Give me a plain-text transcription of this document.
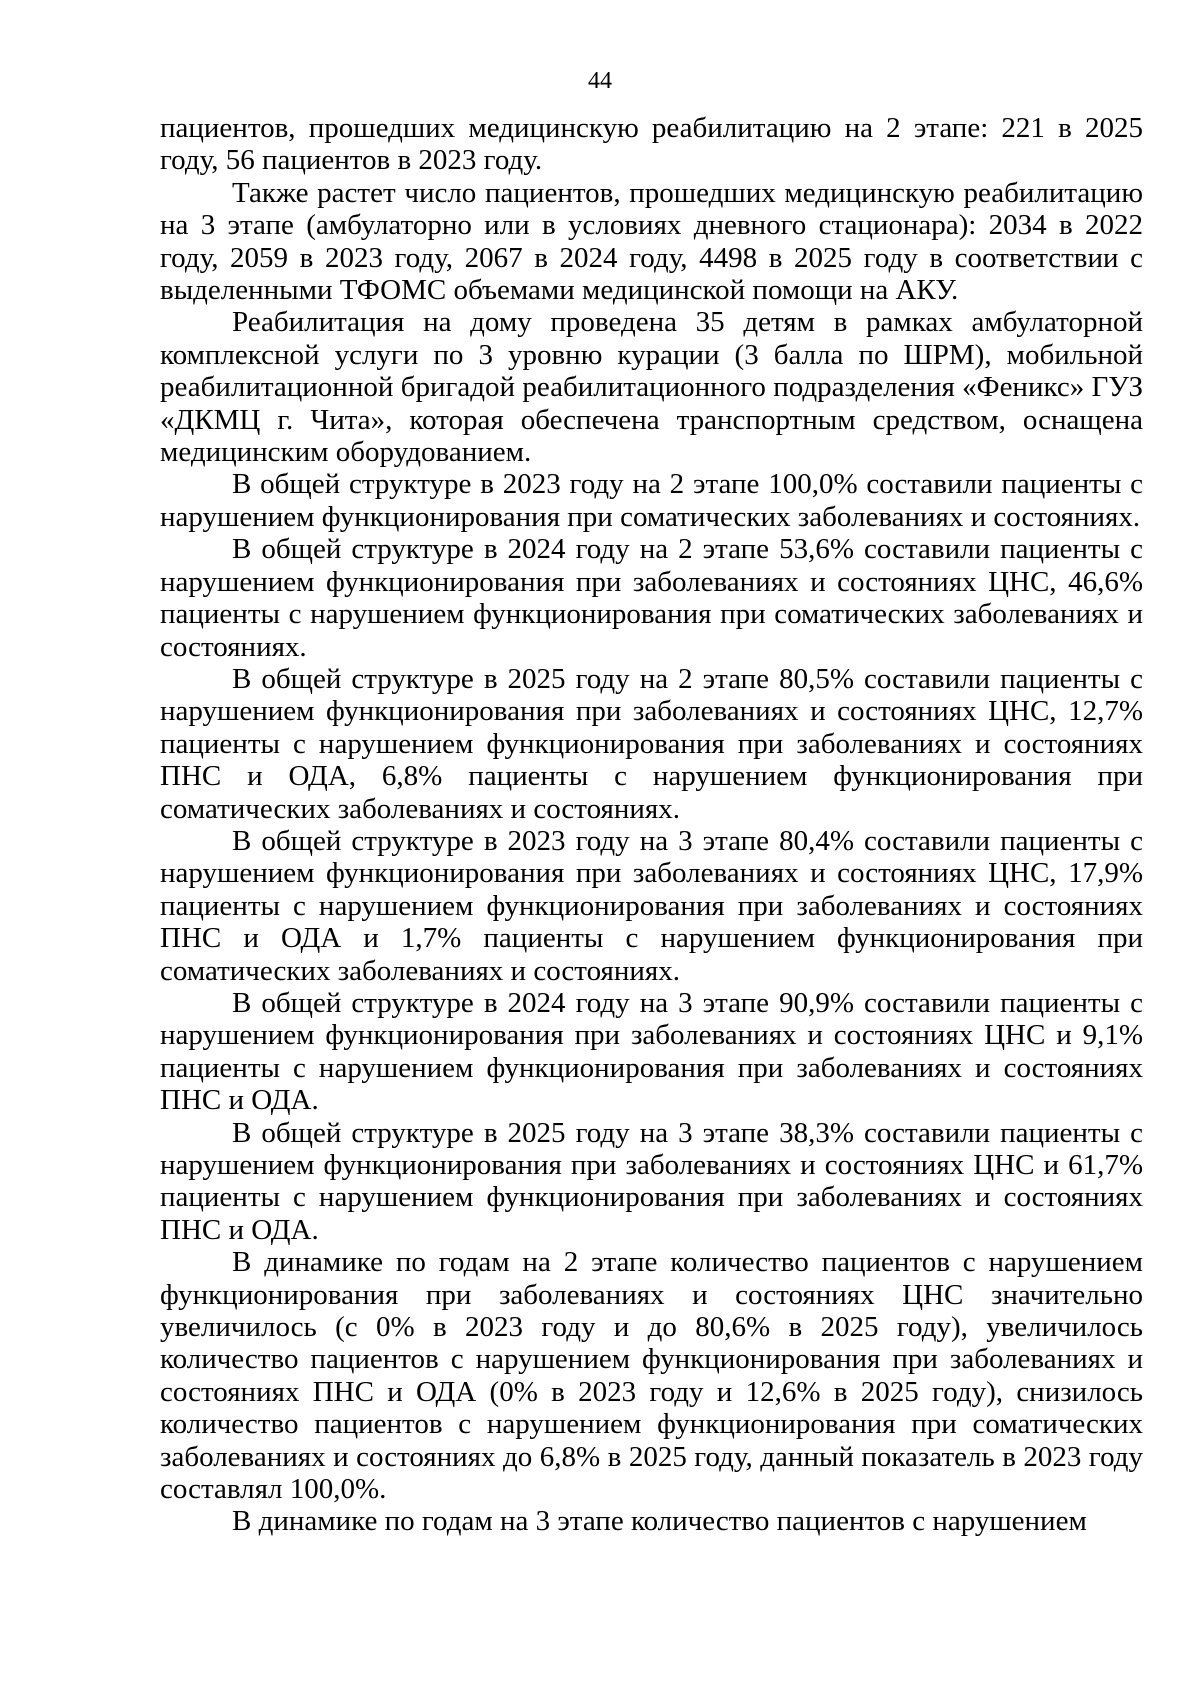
44

пациентов, прошедших медицинскую реабилитацию на 2 этапе: 221 в 2025 году, 56 пациентов в 2023 году.

Также растет число пациентов, прошедших медицинскую реабилитацию на 3 этапе (амбулаторно или в условиях дневного стационара): 2034 в 2022 году, 2059 в 2023 году, 2067 в 2024 году, 4498 в 2025 году в соответствии с выделенными ТФОМС объемами медицинской помощи на АКУ.

Реабилитация на дому проведена 35 детям в рамках амбулаторной комплексной услуги по 3 уровню курации (3 балла по ШРМ), мобильной реабилитационной бригадой реабилитационного подразделения «Феникс» ГУЗ «ДКМЦ г. Чита», которая обеспечена транспортным средством, оснащена медицинским оборудованием.

В общей структуре в 2023 году на 2 этапе 100,0% составили пациенты с нарушением функционирования при соматических заболеваниях и состояниях.

В общей структуре в 2024 году на 2 этапе 53,6% составили пациенты с нарушением функционирования при заболеваниях и состояниях ЦНС, 46,6% пациенты с нарушением функционирования при соматических заболеваниях и состояниях.

В общей структуре в 2025 году на 2 этапе 80,5% составили пациенты с нарушением функционирования при заболеваниях и состояниях ЦНС, 12,7% пациенты с нарушением функционирования при заболеваниях и состояниях ПНС и ОДА, 6,8% пациенты с нарушением функционирования при соматических заболеваниях и состояниях.

В общей структуре в 2023 году на 3 этапе 80,4% составили пациенты с нарушением функционирования при заболеваниях и состояниях ЦНС, 17,9% пациенты с нарушением функционирования при заболеваниях и состояниях ПНС и ОДА и 1,7% пациенты с нарушением функционирования при соматических заболеваниях и состояниях.

В общей структуре в 2024 году на 3 этапе 90,9% составили пациенты с нарушением функционирования при заболеваниях и состояниях ЦНС и 9,1% пациенты с нарушением функционирования при заболеваниях и состояниях ПНС и ОДА.

В общей структуре в 2025 году на 3 этапе 38,3% составили пациенты с нарушением функционирования при заболеваниях и состояниях ЦНС и 61,7% пациенты с нарушением функционирования при заболеваниях и состояниях ПНС и ОДА.

В динамике по годам на 2 этапе количество пациентов с нарушением функционирования при заболеваниях и состояниях ЦНС значительно увеличилось (с 0% в 2023 году и до 80,6% в 2025 году), увеличилось количество пациентов с нарушением функционирования при заболеваниях и состояниях ПНС и ОДА (0% в 2023 году и 12,6% в 2025 году), снизилось количество пациентов с нарушением функционирования при соматических заболеваниях и состояниях до 6,8% в 2025 году, данный показатель в 2023 году составлял 100,0%.

В динамике по годам на 3 этапе количество пациентов с нарушением
